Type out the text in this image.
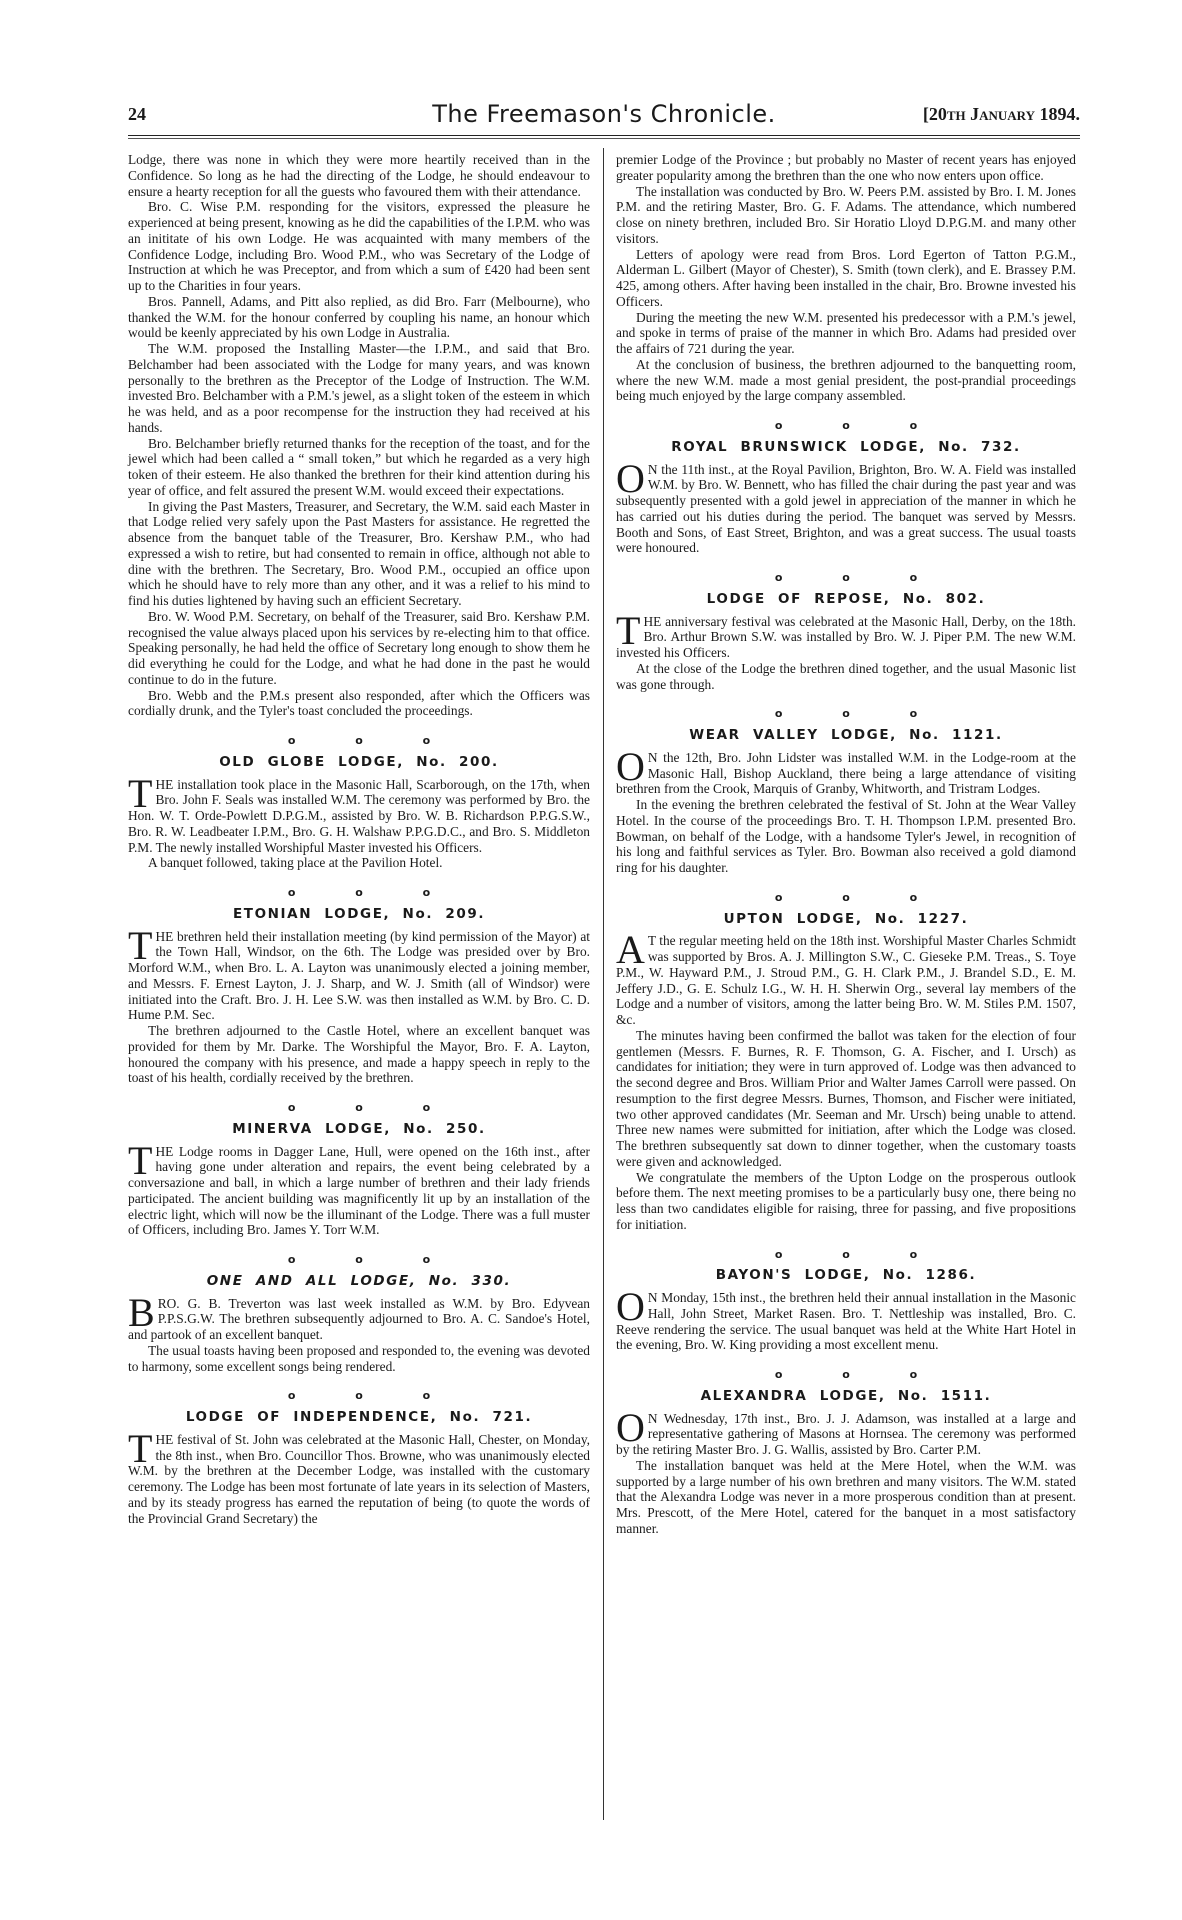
24	The Freemason's Chronicle.	[20th January 1894.

Lodge, there was none in which they were more heartily received than in the Confidence. So long as he had the directing of the Lodge, he should endeavour to ensure a hearty reception for all the guests who favoured them with their attendance.

Bro. C. Wise P.M. responding for the visitors, expressed the pleasure he experienced at being present, knowing as he did the capabilities of the I.P.M. who was an inititate of his own Lodge. He was acquainted with many members of the Confidence Lodge, including Bro. Wood P.M., who was Secretary of the Lodge of Instruction at which he was Preceptor, and from which a sum of £420 had been sent up to the Charities in four years.

Bros. Pannell, Adams, and Pitt also replied, as did Bro. Farr (Melbourne), who thanked the W.M. for the honour conferred by coupling his name, an honour which would be keenly appreciated by his own Lodge in Australia.

The W.M. proposed the Installing Master—the I.P.M., and said that Bro. Belchamber had been associated with the Lodge for many years, and was known personally to the brethren as the Preceptor of the Lodge of Instruction. The W.M. invested Bro. Belchamber with a P.M.'s jewel, as a slight token of the esteem in which he was held, and as a poor recompense for the instruction they had received at his hands.

Bro. Belchamber briefly returned thanks for the reception of the toast, and for the jewel which had been called a “ small token,” but which he regarded as a very high token of their esteem. He also thanked the brethren for their kind attention during his year of office, and felt assured the present W.M. would exceed their expectations.

In giving the Past Masters, Treasurer, and Secretary, the W.M. said each Master in that Lodge relied very safely upon the Past Masters for assistance. He regretted the absence from the banquet table of the Treasurer, Bro. Kershaw P.M., who had expressed a wish to retire, but had consented to remain in office, although not able to dine with the brethren. The Secretary, Bro. Wood P.M., occupied an office upon which he should have to rely more than any other, and it was a relief to his mind to find his duties lightened by having such an efficient Secretary.

Bro. W. Wood P.M. Secretary, on behalf of the Treasurer, said Bro. Kershaw P.M. recognised the value always placed upon his services by re-electing him to that office. Speaking personally, he had held the office of Secretary long enough to show them he did everything he could for the Lodge, and what he had done in the past he would continue to do in the future.

Bro. Webb and the P.M.s present also responded, after which the Officers was cordially drunk, and the Tyler's toast concluded the proceedings.

o o o
OLD GLOBE LODGE, No. 200.

THE installation took place in the Masonic Hall, Scarborough, on the 17th, when Bro. John F. Seals was installed W.M. The ceremony was performed by Bro. the Hon. W. T. Orde-Powlett D.P.G.M., assisted by Bro. W. B. Richardson P.P.G.S.W., Bro. R. W. Leadbeater I.P.M., Bro. G. H. Walshaw P.P.G.D.C., and Bro. S. Middleton P.M. The newly installed Worshipful Master invested his Officers.

A banquet followed, taking place at the Pavilion Hotel.

o o o
ETONIAN LODGE, No. 209.

THE brethren held their installation meeting (by kind permission of the Mayor) at the Town Hall, Windsor, on the 6th. The Lodge was presided over by Bro. Morford W.M., when Bro. L. A. Layton was unanimously elected a joining member, and Messrs. F. Ernest Layton, J. J. Sharp, and W. J. Smith (all of Windsor) were initiated into the Craft. Bro. J. H. Lee S.W. was then installed as W.M. by Bro. C. D. Hume P.M. Sec.

The brethren adjourned to the Castle Hotel, where an excellent banquet was provided for them by Mr. Darke. The Worshipful the Mayor, Bro. F. A. Layton, honoured the company with his presence, and made a happy speech in reply to the toast of his health, cordially received by the brethren.

o o o
MINERVA LODGE, No. 250.

THE Lodge rooms in Dagger Lane, Hull, were opened on the 16th inst., after having gone under alteration and repairs, the event being celebrated by a conversazione and ball, in which a large number of brethren and their lady friends participated. The ancient building was magnificently lit up by an installation of the electric light, which will now be the illuminant of the Lodge. There was a full muster of Officers, including Bro. James Y. Torr W.M.

o o o
ONE AND ALL LODGE, No. 330.

BRO. G. B. Treverton was last week installed as W.M. by Bro. Edyvean P.P.S.G.W. The brethren subsequently adjourned to Bro. A. C. Sandoe's Hotel, and partook of an excellent banquet.

The usual toasts having been proposed and responded to, the evening was devoted to harmony, some excellent songs being rendered.

o o o
LODGE OF INDEPENDENCE, No. 721.

THE festival of St. John was celebrated at the Masonic Hall, Chester, on Monday, the 8th inst., when Bro. Councillor Thos. Browne, who was unanimously elected W.M. by the brethren at the December Lodge, was installed with the customary ceremony. The Lodge has been most fortunate of late years in its selection of Masters, and by its steady progress has earned the reputation of being (to quote the words of the Provincial Grand Secretary) the

premier Lodge of the Province ; but probably no Master of recent years has enjoyed greater popularity among the brethren than the one who now enters upon office.

The installation was conducted by Bro. W. Peers P.M. assisted by Bro. I. M. Jones P.M. and the retiring Master, Bro. G. F. Adams. The attendance, which numbered close on ninety brethren, included Bro. Sir Horatio Lloyd D.P.G.M. and many other visitors.

Letters of apology were read from Bros. Lord Egerton of Tatton P.G.M., Alderman L. Gilbert (Mayor of Chester), S. Smith (town clerk), and E. Brassey P.M. 425, among others. After having been installed in the chair, Bro. Browne invested his Officers.

During the meeting the new W.M. presented his predecessor with a P.M.'s jewel, and spoke in terms of praise of the manner in which Bro. Adams had presided over the affairs of 721 during the year.

At the conclusion of business, the brethren adjourned to the banquetting room, where the new W.M. made a most genial president, the post-prandial proceedings being much enjoyed by the large company assembled.

o o o
ROYAL BRUNSWICK LODGE, No. 732.

O N the 11th inst., at the Royal Pavilion, Brighton, Bro. W. A. Field was installed W.M. by Bro. W. Bennett, who has filled the chair during the past year and was subsequently presented with a gold jewel in appreciation of the manner in which he has carried out his duties during the period. The banquet was served by Messrs. Booth and Sons, of East Street, Brighton, and was a great success. The usual toasts were honoured.

o o o
LODGE OF REPOSE, No. 802.

THE anniversary festival was celebrated at the Masonic Hall, Derby, on the 18th. Bro. Arthur Brown S.W. was installed by Bro. W. J. Piper P.M. The new W.M. invested his Officers.

At the close of the Lodge the brethren dined together, and the usual Masonic list was gone through.

o o o
WEAR VALLEY LODGE, No. 1121.

O N the 12th, Bro. John Lidster was installed W.M. in the Lodge-room at the Masonic Hall, Bishop Auckland, there being a large attendance of visiting brethren from the Crook, Marquis of Granby, Whitworth, and Tristram Lodges.

In the evening the brethren celebrated the festival of St. John at the Wear Valley Hotel. In the course of the proceedings Bro. T. H. Thompson I.P.M. presented Bro. Bowman, on behalf of the Lodge, with a handsome Tyler's Jewel, in recognition of his long and faithful services as Tyler. Bro. Bowman also received a gold diamond ring for his daughter.

o o o
UPTON LODGE, No. 1227.

A T the regular meeting held on the 18th inst. Worshipful Master Charles Schmidt was supported by Bros. A. J. Millington S.W., C. Gieseke P.M. Treas., S. Toye P.M., W. Hayward P.M., J. Stroud P.M., G. H. Clark P.M., J. Brandel S.D., E. M. Jeffery J.D., G. E. Schulz I.G., W. H. H. Sherwin Org., several lay members of the Lodge and a number of visitors, among the latter being Bro. W. M. Stiles P.M. 1507, &c.

The minutes having been confirmed the ballot was taken for the election of four gentlemen (Messrs. F. Burnes, R. F. Thomson, G. A. Fischer, and I. Ursch) as candidates for initiation; they were in turn approved of. Lodge was then advanced to the second degree and Bros. William Prior and Walter James Carroll were passed. On resumption to the first degree Messrs. Burnes, Thomson, and Fischer were initiated, two other approved candidates (Mr. Seeman and Mr. Ursch) being unable to attend. Three new names were submitted for initiation, after which the Lodge was closed. The brethren subsequently sat down to dinner together, when the customary toasts were given and acknowledged.

We congratulate the members of the Upton Lodge on the prosperous outlook before them. The next meeting promises to be a particularly busy one, there being no less than two candidates eligible for raising, three for passing, and five propositions for initiation.

o o o
BAYON'S LODGE, No. 1286.

O N Monday, 15th inst., the brethren held their annual installation in the Masonic Hall, John Street, Market Rasen. Bro. T. Nettleship was installed, Bro. C. Reeve rendering the service. The usual banquet was held at the White Hart Hotel in the evening, Bro. W. King providing a most excellent menu.

o o o
ALEXANDRA LODGE, No. 1511.

O N Wednesday, 17th inst., Bro. J. J. Adamson, was installed at a large and representative gathering of Masons at Hornsea. The ceremony was performed by the retiring Master Bro. J. G. Wallis, assisted by Bro. Carter P.M.

The installation banquet was held at the Mere Hotel, when the W.M. was supported by a large number of his own brethren and many visitors. The W.M. stated that the Alexandra Lodge was never in a more prosperous condition than at present. Mrs. Prescott, of the Mere Hotel, catered for the banquet in a most satisfactory manner.
